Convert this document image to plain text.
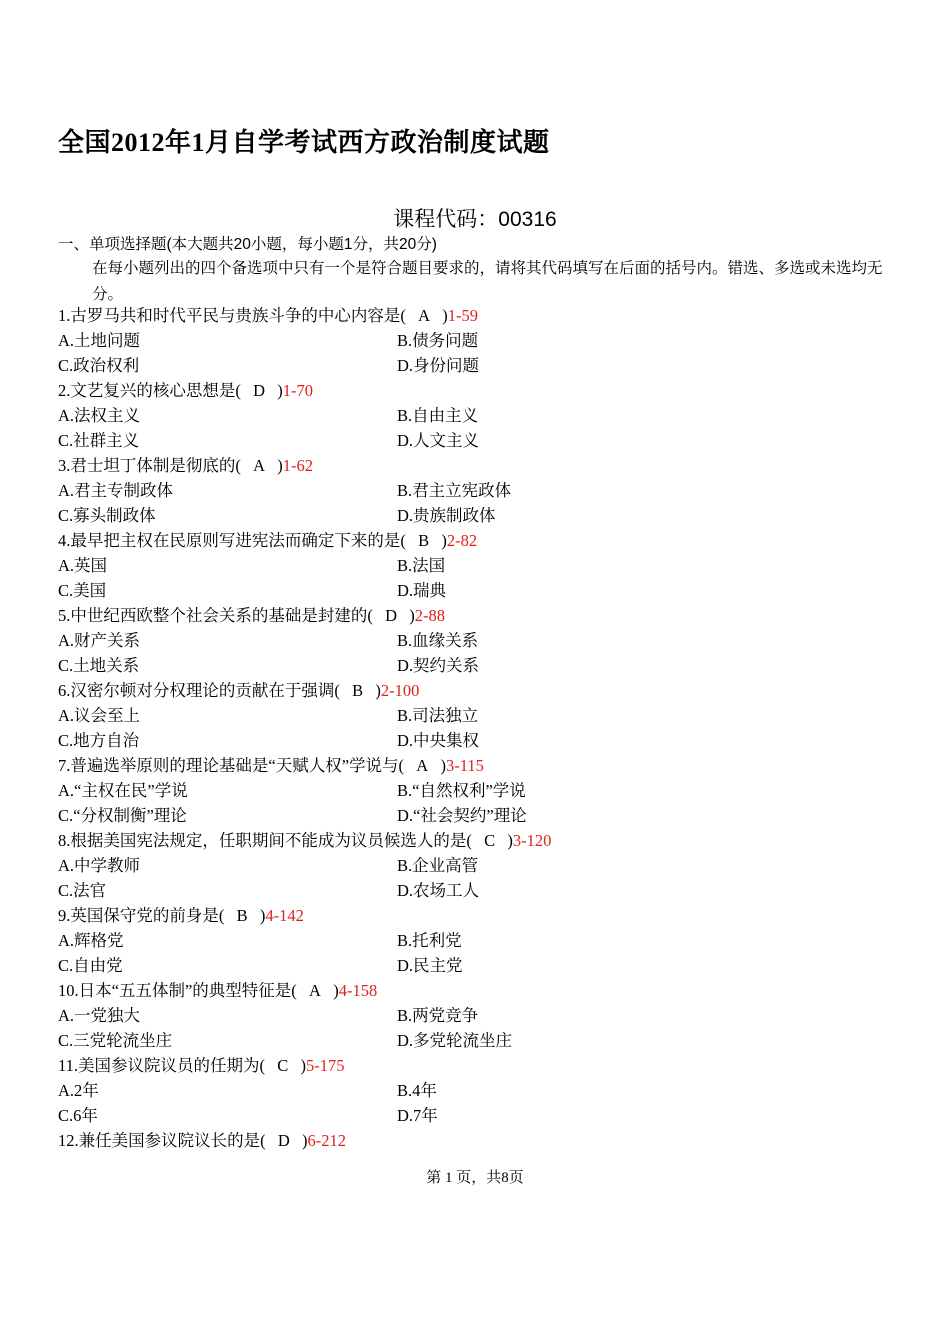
全国2012年1月自学考试西方政治制度试题
课程代码：00316
一、单项选择题(本大题共20小题，每小题1分，共20分)
在每小题列出的四个备选项中只有一个是符合题目要求的，请将其代码填写在后面的括号内。错选、多选或未选均无分。
1.古罗马共和时代平民与贵族斗争的中心内容是(  A  )1-59
A.土地问题	B.债务问题
C.政治权利	D.身份问题
2.文艺复兴的核心思想是(  D  )1-70
A.法权主义	B.自由主义
C.社群主义	D.人文主义
3.君士坦丁体制是彻底的(  A  )1-62
A.君主专制政体	B.君主立宪政体
C.寡头制政体	D.贵族制政体
4.最早把主权在民原则写进宪法而确定下来的是(  B  )2-82
A.英国	B.法国
C.美国	D.瑞典
5.中世纪西欧整个社会关系的基础是封建的(  D  )2-88
A.财产关系	B.血缘关系
C.土地关系	D.契约关系
6.汉密尔顿对分权理论的贡献在于强调(  B  )2-100
A.议会至上	B.司法独立
C.地方自治	D.中央集权
7.普遍选举原则的理论基础是“天赋人权”学说与(  A  )3-115
A.“主权在民”学说	B.“自然权利”学说
C.“分权制衡”理论	D.“社会契约”理论
8.根据美国宪法规定，任职期间不能成为议员候选人的是(  C  )3-120
A.中学教师	B.企业高管
C.法官	D.农场工人
9.英国保守党的前身是(  B  )4-142
A.辉格党	B.托利党
C.自由党	D.民主党
10.日本“五五体制”的典型特征是(  A  )4-158
A.一党独大	B.两党竞争
C.三党轮流坐庄	D.多党轮流坐庄
11.美国参议院议员的任期为(  C  )5-175
A.2年	B.4年
C.6年	D.7年
12.兼任美国参议院议长的是(  D  )6-212
第 1 页，共8页
